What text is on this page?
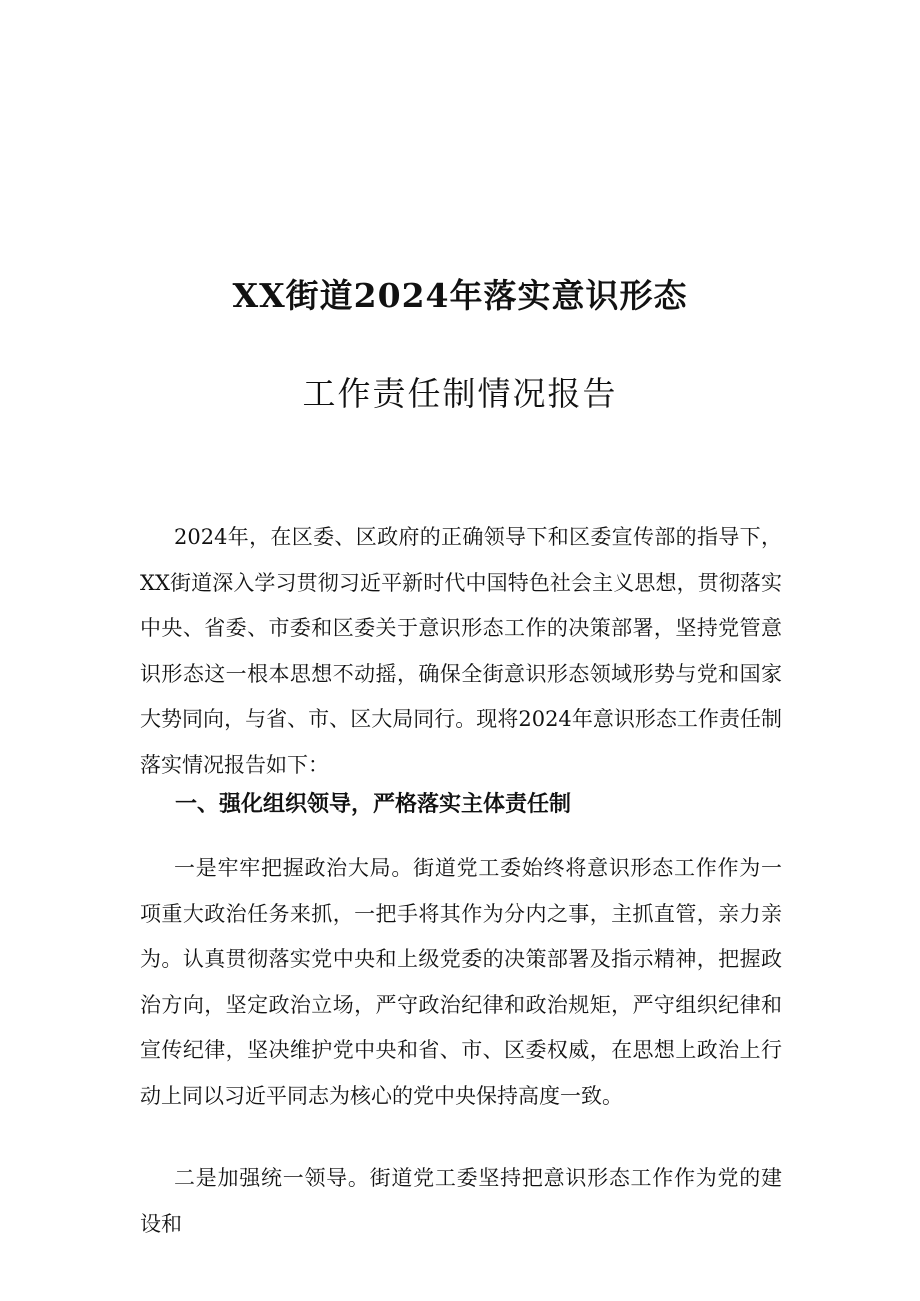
XX街道2024年落实意识形态
工作责任制情况报告
2024年，在区委、区政府的正确领导下和区委宣传部的指导下，XX街道深入学习贯彻习近平新时代中国特色社会主义思想，贯彻落实中央、省委、市委和区委关于意识形态工作的决策部署，坚持党管意识形态这一根本思想不动摇，确保全街意识形态领域形势与党和国家大势同向，与省、市、区大局同行。现将2024年意识形态工作责任制落实情况报告如下：
一、强化组织领导，严格落实主体责任制
一是牢牢把握政治大局。街道党工委始终将意识形态工作作为一项重大政治任务来抓，一把手将其作为分内之事，主抓直管，亲力亲为。认真贯彻落实党中央和上级党委的决策部署及指示精神，把握政治方向，坚定政治立场，严守政治纪律和政治规矩，严守组织纪律和宣传纪律，坚决维护党中央和省、市、区委权威，在思想上政治上行动上同以习近平同志为核心的党中央保持高度一致。
二是加强统一领导。街道党工委坚持把意识形态工作作为党的建设和
